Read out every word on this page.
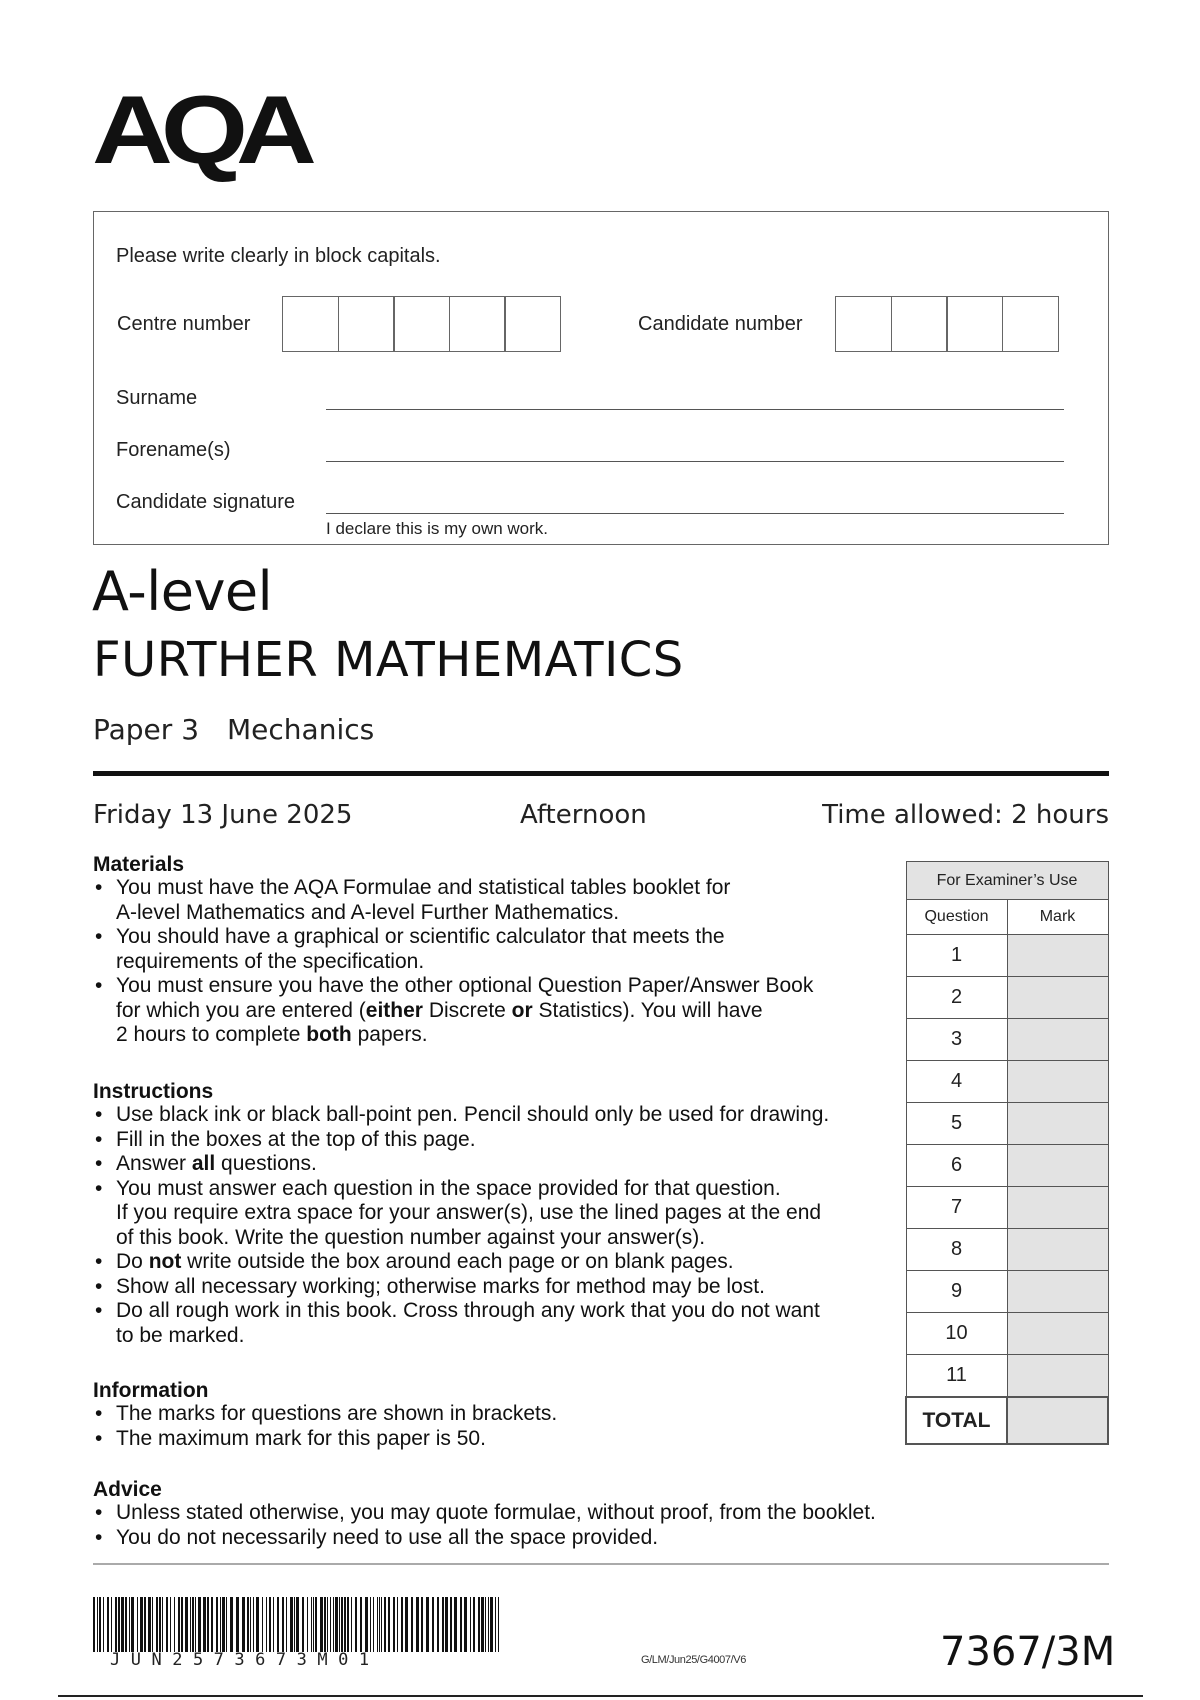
AQA
Please write clearly in block capitals.
Centre number	Candidate number
Surname
Forename(s)
Candidate signature
I declare this is my own work.
A-level
FURTHER MATHEMATICS
Paper 3 Mechanics
Friday 13 June 2025	Afternoon	Time allowed: 2 hours
Materials
• You must have the AQA Formulae and statistical tables booklet for
A-level Mathematics and A-level Further Mathematics.
• You should have a graphical or scientific calculator that meets the
requirements of the specification.
• You must ensure you have the other optional Question Paper/Answer Book
for which you are entered (either Discrete or Statistics). You will have
2 hours to complete both papers.
Instructions
• Use black ink or black ball-point pen. Pencil should only be used for drawing.
• Fill in the boxes at the top of this page.
• Answer all questions.
• You must answer each question in the space provided for that question.
If you require extra space for your answer(s), use the lined pages at the end
of this book. Write the question number against your answer(s).
• Do not write outside the box around each page or on blank pages.
• Show all necessary working; otherwise marks for method may be lost.
• Do all rough work in this book. Cross through any work that you do not want
to be marked.
Information
• The marks for questions are shown in brackets.
• The maximum mark for this paper is 50.
Advice
• Unless stated otherwise, you may quote formulae, without proof, from the booklet.
• You do not necessarily need to use all the space provided.
For Examiner’s Use	
Question	Mark
1	
2	
3	
4	
5	
6	
7	
8	
9	
10	
11	
TOTAL	
JUN2573673M01	G/LM/Jun25/G4007/V6	7367/3M
